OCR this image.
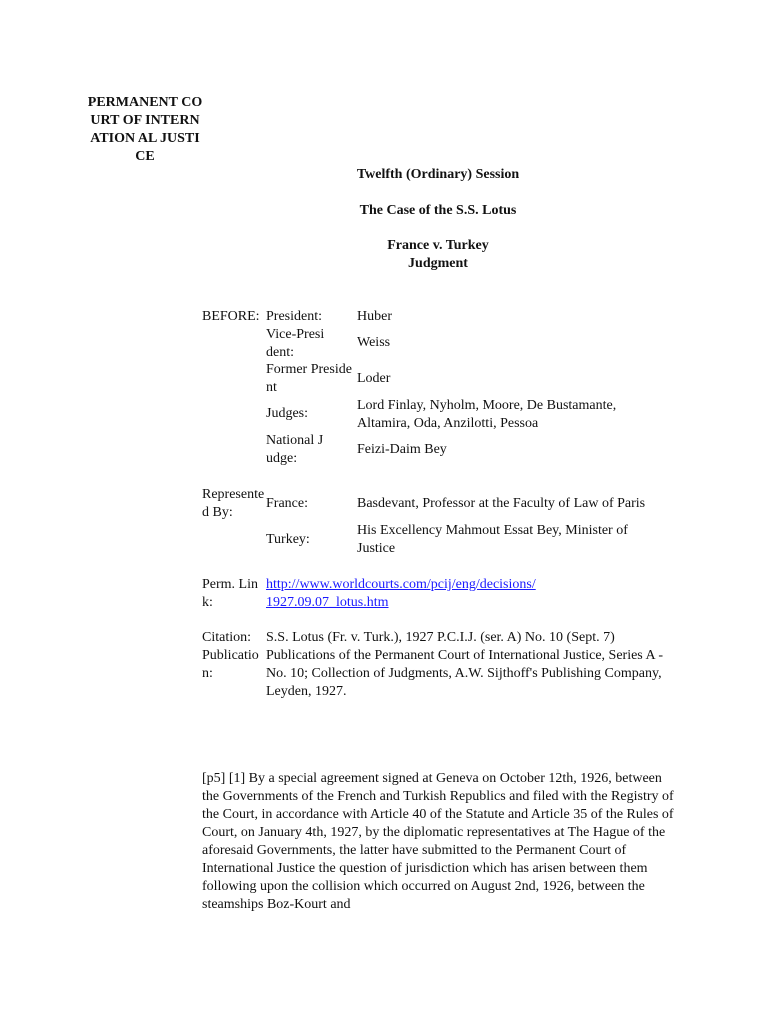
PERMANENT COURT OF INTERNATION AL JUSTICE
Twelfth (Ordinary) Session
The Case of the S.S. Lotus
France v. Turkey
Judgment
BEFORE: President:	Huber
Vice-President:
Weiss
Former President
Loder
Judges:
Lord Finlay, Nyholm, Moore, De Bustamante, Altamira, Oda, Anzilotti, Pessoa
National Judge:
Feizi-Daim Bey
Represented By:
France:	Basdevant, Professor at the Faculty of Law of Paris
Turkey:
His Excellency Mahmout Essat Bey, Minister of Justice
Perm. Link:
http://www.worldcourts.com/pcij/eng/decisions/
1927.09.07_lotus.htm
Citation:
Publication:
S.S. Lotus (Fr. v. Turk.), 1927 P.C.I.J. (ser. A) No. 10 (Sept. 7)
Publications of the Permanent Court of International Justice, Series A - No. 10; Collection of Judgments, A.W. Sijthoff's Publishing Company, Leyden, 1927.
[p5] [1] By a special agreement signed at Geneva on October 12th, 1926, between the Governments of the French and Turkish Republics and filed with the Registry of the Court, in accordance with Article 40 of the Statute and Article 35 of the Rules of Court, on January 4th, 1927, by the diplomatic representatives at The Hague of the aforesaid Governments, the latter have submitted to the Permanent Court of International Justice the question of jurisdiction which has arisen between them following upon the collision which occurred on August 2nd, 1926, between the steamships Boz-Kourt and
